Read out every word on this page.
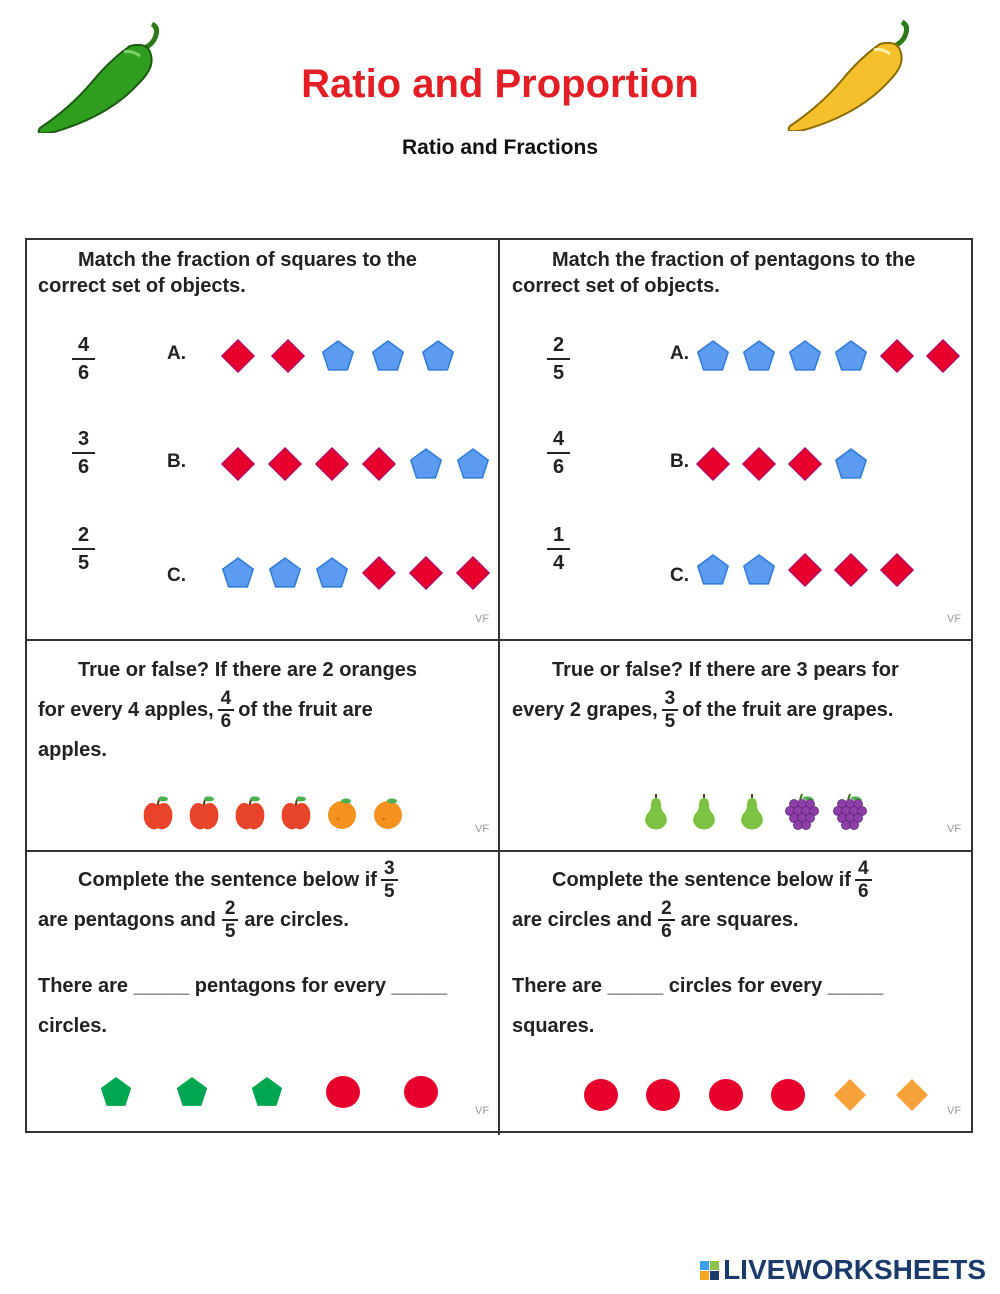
Ratio and Proportion
Ratio and Fractions
Match the fraction of squares to the correct set of objects.
Match the fraction of pentagons to the correct set of objects.
VF	VF
True or false? If there are 2 oranges
for every 4 apples, $\frac{4}{6}$ of the fruit are
apples.
VF
True or false? If there are 3 pears for
every 2 grapes, $\frac{3}{5}$ of the fruit are grapes.
VF
Complete the sentence below if $\frac{3}{5}$
are pentagons and $\frac{2}{5}$ are circles.
There are _____ pentagons for every _____
circles.
VF
Complete the sentence below if $\frac{4}{6}$
are circles and $\frac{2}{6}$ are squares.
There are _____ circles for every _____
squares.
VF
LIVEWORKSHEETS
$\frac{4}{6}$
$\frac{3}{6}$
$\frac{2}{5}$
A.
B.
C.
$\frac{2}{5}$
$\frac{4}{6}$
$\frac{1}{4}$
A.
B.
C.
